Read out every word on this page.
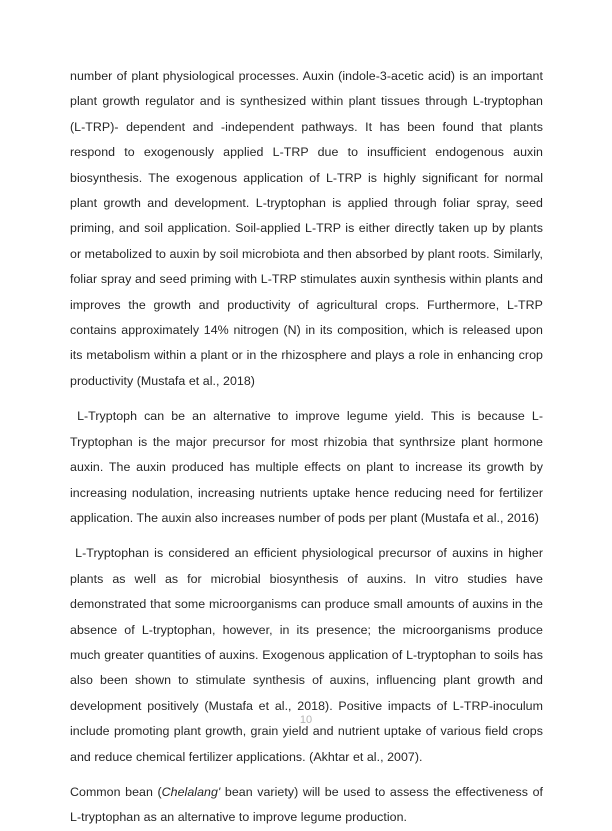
number of plant physiological processes. Auxin (indole-3-acetic acid) is an important plant growth regulator and is synthesized within plant tissues through L-tryptophan (L-TRP)- dependent and -independent pathways. It has been found that plants respond to exogenously applied L-TRP due to insufficient endogenous auxin biosynthesis. The exogenous application of L-TRP is highly significant for normal plant growth and development. L-tryptophan is applied through foliar spray, seed priming, and soil application. Soil-applied L-TRP is either directly taken up by plants or metabolized to auxin by soil microbiota and then absorbed by plant roots. Similarly, foliar spray and seed priming with L-TRP stimulates auxin synthesis within plants and improves the growth and productivity of agricultural crops. Furthermore, L-TRP contains approximately 14% nitrogen (N) in its composition, which is released upon its metabolism within a plant or in the rhizosphere and plays a role in enhancing crop productivity (Mustafa et al., 2018)

L-Tryptoph can be an alternative to improve legume yield. This is because L-Tryptophan is the major precursor for most rhizobia that synthrsize plant hormone auxin. The auxin produced has multiple effects on plant to increase its growth by increasing nodulation, increasing nutrients uptake hence reducing need for fertilizer application. The auxin also increases number of pods per plant (Mustafa et al., 2016)

L-Tryptophan is considered an efficient physiological precursor of auxins in higher plants as well as for microbial biosynthesis of auxins. In vitro studies have demonstrated that some microorganisms can produce small amounts of auxins in the absence of L-tryptophan, however, in its presence; the microorganisms produce much greater quantities of auxins. Exogenous application of L-tryptophan to soils has also been shown to stimulate synthesis of auxins, influencing plant growth and development positively (Mustafa et al., 2018). Positive impacts of L-TRP-inoculum include promoting plant growth, grain yield and nutrient uptake of various field crops and reduce chemical fertilizer applications. (Akhtar et al., 2007).

Common bean (Chelalang' bean variety) will be used to assess the effectiveness of L-tryptophan as an alternative to improve legume production.

10
